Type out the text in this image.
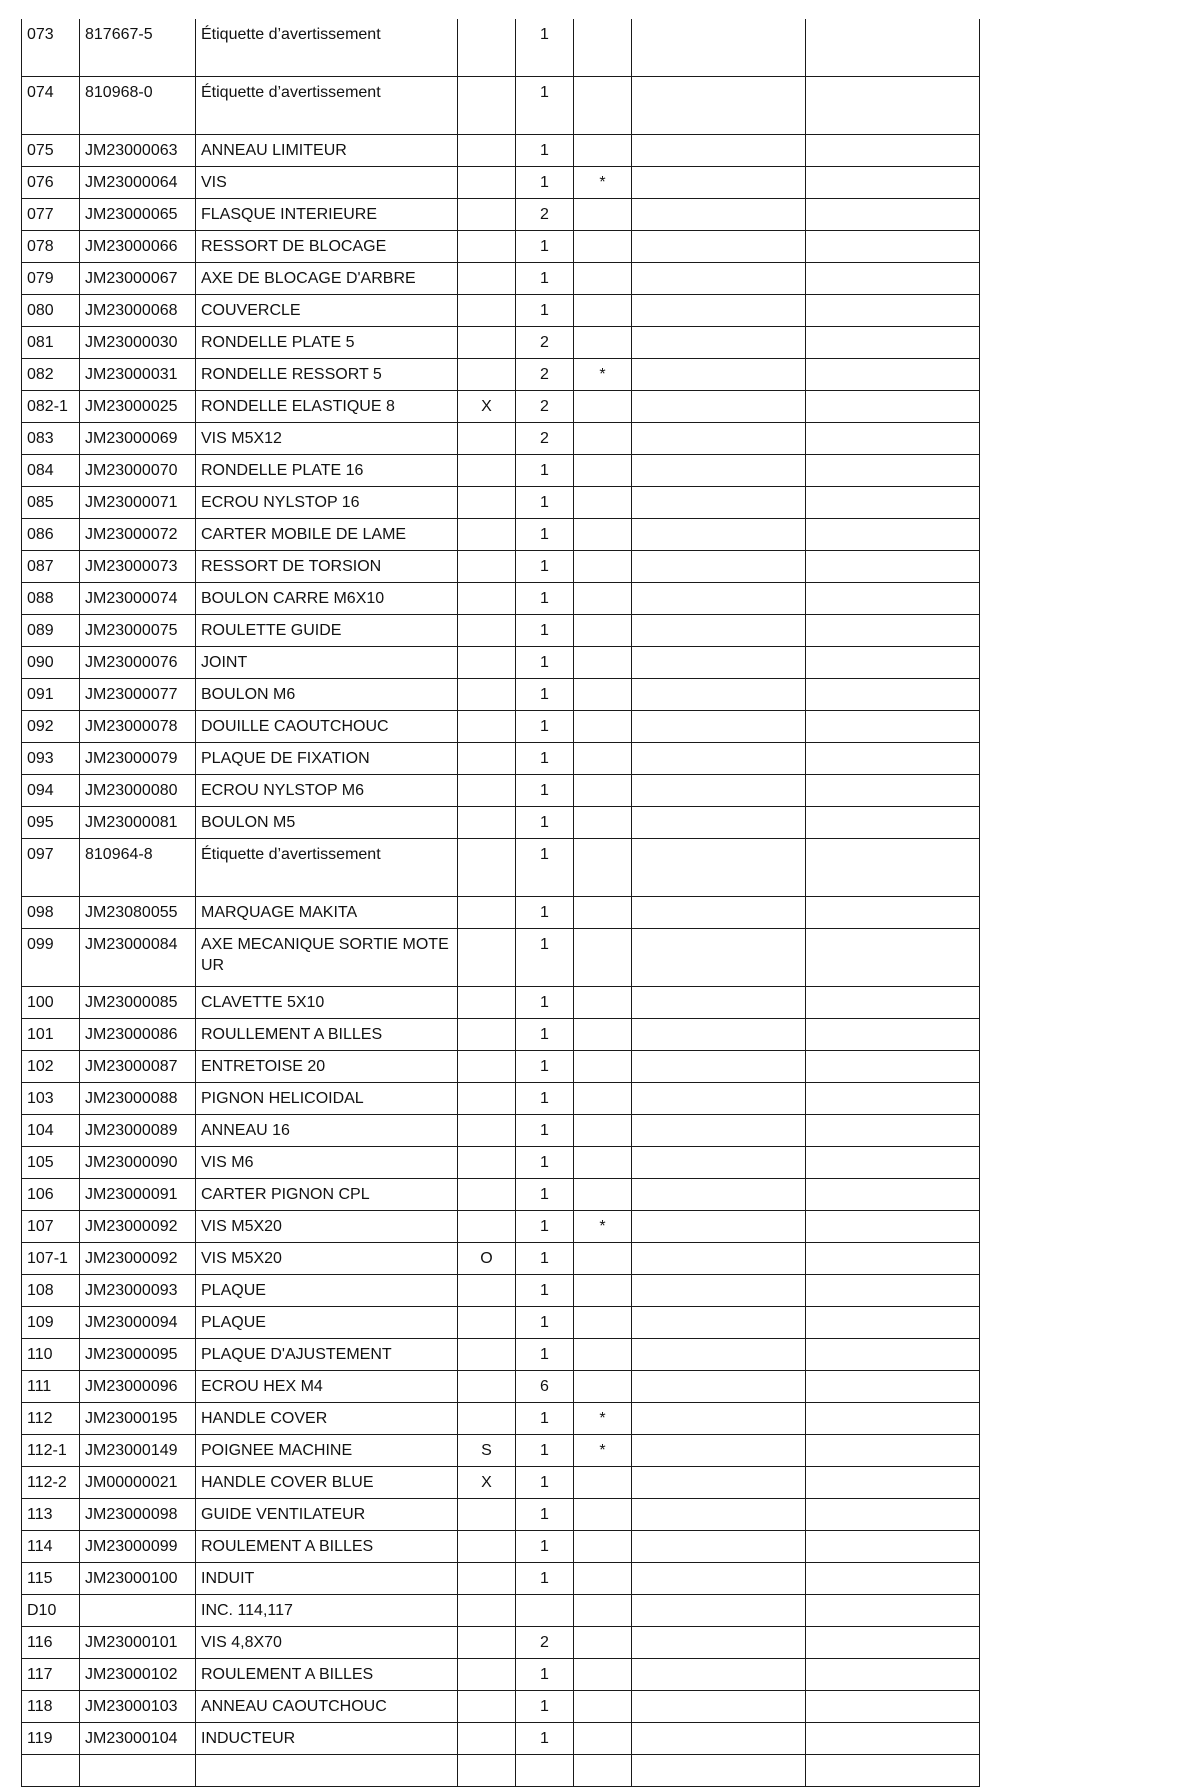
073	817667-5	Étiquette d’avertissement		1			
074	810968-0	Étiquette d’avertissement		1			
075	JM23000063	ANNEAU LIMITEUR		1			
076	JM23000064	VIS		1	*		
077	JM23000065	FLASQUE INTERIEURE		2			
078	JM23000066	RESSORT DE BLOCAGE		1			
079	JM23000067	AXE DE BLOCAGE D'ARBRE		1			
080	JM23000068	COUVERCLE		1			
081	JM23000030	RONDELLE PLATE 5		2			
082	JM23000031	RONDELLE RESSORT 5		2	*		
082-1	JM23000025	RONDELLE ELASTIQUE 8	X	2			
083	JM23000069	VIS M5X12		2			
084	JM23000070	RONDELLE PLATE 16		1			
085	JM23000071	ECROU NYLSTOP 16		1			
086	JM23000072	CARTER MOBILE DE LAME		1			
087	JM23000073	RESSORT DE TORSION		1			
088	JM23000074	BOULON CARRE M6X10		1			
089	JM23000075	ROULETTE GUIDE		1			
090	JM23000076	JOINT		1			
091	JM23000077	BOULON M6		1			
092	JM23000078	DOUILLE CAOUTCHOUC		1			
093	JM23000079	PLAQUE DE FIXATION		1			
094	JM23000080	ECROU NYLSTOP M6		1			
095	JM23000081	BOULON M5		1			
097	810964-8	Étiquette d’avertissement		1			
098	JM23080055	MARQUAGE MAKITA		1			
099	JM23000084	AXE MECANIQUE SORTIE MOTEUR		1			
100	JM23000085	CLAVETTE 5X10		1			
101	JM23000086	ROULLEMENT A BILLES		1			
102	JM23000087	ENTRETOISE 20		1			
103	JM23000088	PIGNON HELICOIDAL		1			
104	JM23000089	ANNEAU 16		1			
105	JM23000090	VIS M6		1			
106	JM23000091	CARTER PIGNON CPL		1			
107	JM23000092	VIS M5X20		1	*		
107-1	JM23000092	VIS M5X20	O	1			
108	JM23000093	PLAQUE		1			
109	JM23000094	PLAQUE		1			
110	JM23000095	PLAQUE D'AJUSTEMENT		1			
111	JM23000096	ECROU HEX M4		6			
112	JM23000195	HANDLE COVER		1	*		
112-1	JM23000149	POIGNEE MACHINE	S	1	*		
112-2	JM00000021	HANDLE COVER BLUE	X	1			
113	JM23000098	GUIDE VENTILATEUR		1			
114	JM23000099	ROULEMENT A BILLES		1			
115	JM23000100	INDUIT		1			
D10		INC. 114,117					
116	JM23000101	VIS 4,8X70		2			
117	JM23000102	ROULEMENT A BILLES		1			
118	JM23000103	ANNEAU CAOUTCHOUC		1			
119	JM23000104	INDUCTEUR		1			
